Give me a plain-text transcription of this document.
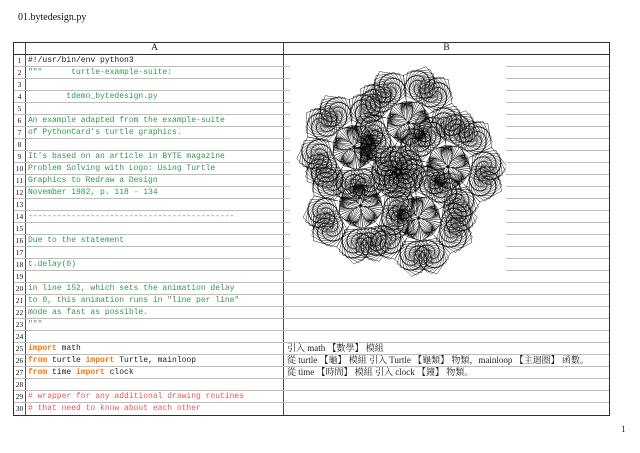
01.bytedesign.py
A	B
1 #!/usr/bin/env python3
2 """      turtle-example-suite:
3
4 tdemo_bytedesign.py
5
6 An example adapted from the example-suite
7 of PythonCard's turtle graphics.
8
9 It's based on an article in BYTE magazine
10 Problem Solving with Logo: Using Turtle
11 Graphics to Redraw a Design
12 November 1982, p. 118 - 134
13
14 -------------------------------------------
15
16 Due to the statement
17
18 t.delay(0)
19
20 in line 152, which sets the animation delay
21 to 0, this animation runs in "line per line"
22 mode as fast as possible.
23 """
24
25 import math	引入 math 【數學】 模組
26 from turtle import Turtle, mainloop	從 turtle 【龜】 模組 引入 Turtle 【龜類】 物類，mainloop 【主迴圈】 函數。
27 from time import clock	從 time 【時間】 模組 引入 clock 【鐘】 物類。
28
29 # wrapper for any additional drawing routines
30 # that need to know about each other
1
